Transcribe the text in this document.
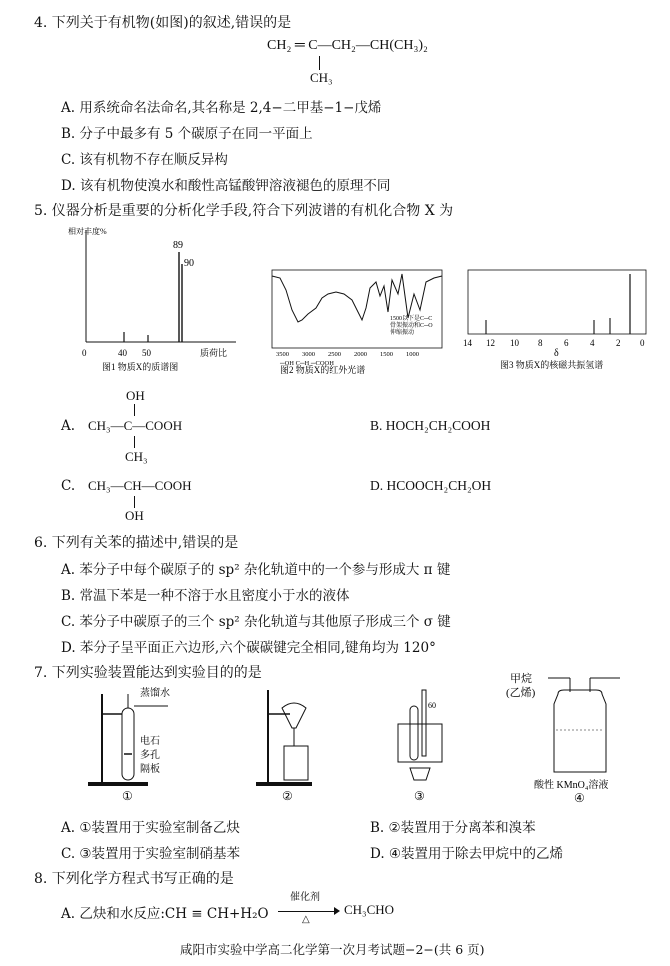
4. 下列关于有机物(如图)的叙述,错误的是
CH₂ ═ C—CH₂—CH(CH₃)₂
CH₃
A. 用系统命名法命名,其名称是 2,4−二甲基−1−戊烯
B. 分子中最多有 5 个碳原子在同一平面上
C. 该有机物不存在顺反异构
D. 该有机物使溴水和酸性高锰酸钾溶液褪色的原理不同
5. 仪器分析是重要的分析化学手段,符合下列波谱的有机化合物 X 为
相对丰度%
89
90
0	40 50	质荷比
图1 物质X的质谱图
1500以下是C─C
骨架振动和C─O
伸缩振动
3500 3000 2500 2000 1500 1000
─OH C─H ─COOH
图2 物质X的红外光谱
14 12 10 8 6 4 2 0
δ
图3 物质X的核磁共振氢谱
OH
A. CH₃—C—COOH
CH₃
B. HOCH₂CH₂COOH
C. CH₃—CH—COOH
OH
D. HCOOCH₂CH₂OH
6. 下列有关苯的描述中,错误的是
A. 苯分子中每个碳原子的 sp² 杂化轨道中的一个参与形成大 π 键
B. 常温下苯是一种不溶于水且密度小于水的液体
C. 苯分子中碳原子的三个 sp² 杂化轨道与其他原子形成三个 σ 键
D. 苯分子呈平面正六边形,六个碳碳键完全相同,键角均为 120°
7. 下列实验装置能达到实验目的的是
蒸馏水
电石
多孔
隔板
①	②
60
③
甲烷
(乙烯)
酸性 KMnO₄溶液
④
A. ①装置用于实验室制备乙炔	B. ②装置用于分离苯和溴苯
C. ③装置用于实验室制硝基苯	D. ④装置用于除去甲烷中的乙烯
8. 下列化学方程式书写正确的是
A. 乙炔和水反应:CH ≡ CH+H₂O
催化剂
△
CH₃CHO
咸阳市实验中学高二化学第一次月考试题−2−(共 6 页)
